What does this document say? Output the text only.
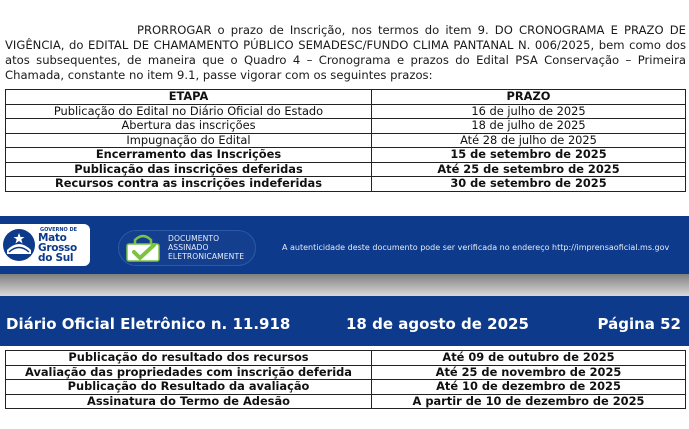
PRORROGAR o prazo de Inscrição, nos termos do item 9. DO CRONOGRAMA E PRAZO DE VIGÊNCIA, do EDITAL DE CHAMAMENTO PÚBLICO SEMADESC/FUNDO CLIMA PANTANAL N. 006/2025, bem como dos atos subsequentes, de maneira que o Quadro 4 – Cronograma e prazos do Edital PSA Conservação – Primeira Chamada, constante no item 9.1, passe vigorar com os seguintes prazos:

ETAPA	PRAZO
Publicação do Edital no Diário Oficial do Estado	16 de julho de 2025
Abertura das inscrições	18 de julho de 2025
Impugnação do Edital	Até 28 de julho de 2025
Encerramento das Inscrições	15 de setembro de 2025
Publicação das inscrições deferidas	Até 25 de setembro de 2025
Recursos contra as inscrições indeferidas	30 de setembro de 2025
GOVERNO DE
Mato
Grosso
do Sul
DOCUMENTO
ASSINADO
ELETRONICAMENTE
A autenticidade deste documento pode ser verificada no endereço http://imprensaoficial.ms.gov
Diário Oficial Eletrônico n. 11.918	18 de agosto de 2025	Página 52
Publicação do resultado dos recursos	Até 09 de outubro de 2025
Avaliação das propriedades com inscrição deferida	Até 25 de novembro de 2025
Publicação do Resultado da avaliação	Até 10 de dezembro de 2025
Assinatura do Termo de Adesão	A partir de 10 de dezembro de 2025
